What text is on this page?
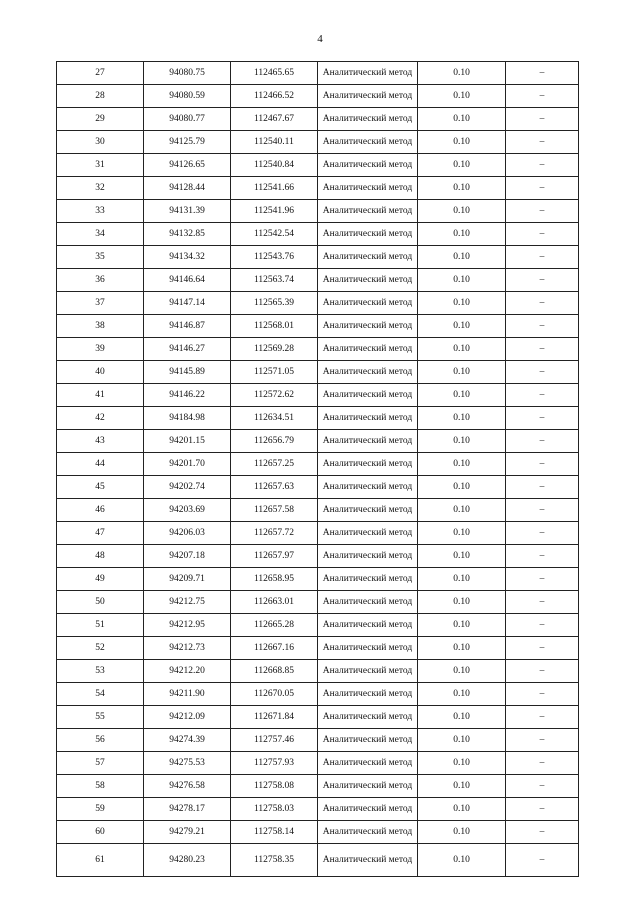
4
27	94080.75	112465.65	Аналитический метод	0.10	–
28	94080.59	112466.52	Аналитический метод	0.10	–
29	94080.77	112467.67	Аналитический метод	0.10	–
30	94125.79	112540.11	Аналитический метод	0.10	–
31	94126.65	112540.84	Аналитический метод	0.10	–
32	94128.44	112541.66	Аналитический метод	0.10	–
33	94131.39	112541.96	Аналитический метод	0.10	–
34	94132.85	112542.54	Аналитический метод	0.10	–
35	94134.32	112543.76	Аналитический метод	0.10	–
36	94146.64	112563.74	Аналитический метод	0.10	–
37	94147.14	112565.39	Аналитический метод	0.10	–
38	94146.87	112568.01	Аналитический метод	0.10	–
39	94146.27	112569.28	Аналитический метод	0.10	–
40	94145.89	112571.05	Аналитический метод	0.10	–
41	94146.22	112572.62	Аналитический метод	0.10	–
42	94184.98	112634.51	Аналитический метод	0.10	–
43	94201.15	112656.79	Аналитический метод	0.10	–
44	94201.70	112657.25	Аналитический метод	0.10	–
45	94202.74	112657.63	Аналитический метод	0.10	–
46	94203.69	112657.58	Аналитический метод	0.10	–
47	94206.03	112657.72	Аналитический метод	0.10	–
48	94207.18	112657.97	Аналитический метод	0.10	–
49	94209.71	112658.95	Аналитический метод	0.10	–
50	94212.75	112663.01	Аналитический метод	0.10	–
51	94212.95	112665.28	Аналитический метод	0.10	–
52	94212.73	112667.16	Аналитический метод	0.10	–
53	94212.20	112668.85	Аналитический метод	0.10	–
54	94211.90	112670.05	Аналитический метод	0.10	–
55	94212.09	112671.84	Аналитический метод	0.10	–
56	94274.39	112757.46	Аналитический метод	0.10	–
57	94275.53	112757.93	Аналитический метод	0.10	–
58	94276.58	112758.08	Аналитический метод	0.10	–
59	94278.17	112758.03	Аналитический метод	0.10	–
60	94279.21	112758.14	Аналитический метод	0.10	–
61	94280.23	112758.35	Аналитический метод	0.10	–
